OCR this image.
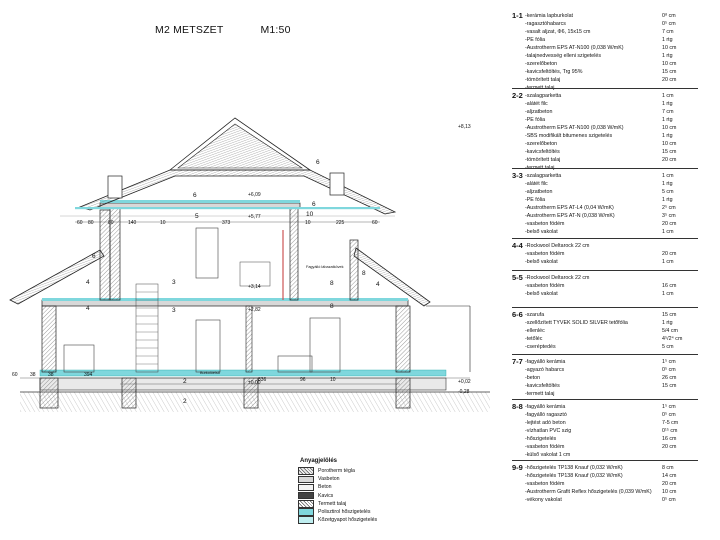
M2 METSZET	M1:50
+8,13
+6,09
+5,77
+3,14
+2,82
±0,00	+0,02
-0,28
60 80	80	140	10	373	10	225	60
60 38 38	394
836	10
96
2
2
3
3
4
4
4
5
6
6
6
6
8
8
8
10
Fagyálló lábazatkövek
Burkolóelső
Anyagjelölés
Porotherm tégla
Vasbeton
Beton
Kavics
Termett talaj
Polisztirol hőszigetelés
Kőzetgyapot hőszigetelés
1-1 -kerámia lapburkolat	0⁸ cm
-ragasztóhabarcs	0⁵ cm
-vasalt aljzat, Φ6, 15x15 cm	7 cm
-PE fólia	1 rtg
-Austrotherm EPS AT-N100 (0,038 W/mK)	10 cm
-talajnedvesség elleni szigetelés	1 rtg
-szerelőbeton	10 cm
-kavicsfeltöltés, Trg 95%	15 cm
-tömörített talaj	20 cm
-termett talaj
2-2 -szalagparketta	1 cm
-alátét filc	1 rtg
-aljzatbeton	7 cm
-PE fólia	1 rtg
-Austrotherm EPS AT-N100 (0,038 W/mK)	10 cm
-SBS modifikált bitumenes szigetelés	1 rtg
-szerelőbeton	10 cm
-kavicsfeltöltés	15 cm
-tömörített talaj	20 cm
-termett talaj
3-3 -szalagparketta	1 cm
-alátét filc	1 rtg
-aljzatbeton	5 cm
-PE fólia	1 rtg
-Austrotherm EPS AT-L4 (0,04 W/mK)	2⁵ cm
-Austrotherm EPS AT-N (0,038 W/mK)	3⁵ cm
-vasbeton födém	20 cm
-belső vakolat	1 cm
4-4 -Rockwool Deltarock 22 cm
-vasbeton födém	20 cm
-belső vakolat	1 cm
5-5 -Rockwool Deltarock 22 cm
-vasbeton födém	16 cm
-belső vakolat	1 cm
6-6 -szarufa	15 cm
-szellőzített TYVEK SOLID SILVER tetőfólia	1 rtg
-ellenléc	5/4 cm
-tetőléc	4⁵/2⁴ cm
-cseréptedés	5 cm
7-7 -fagyálló kerámia	1⁵ cm
-agyazó habarcs	0⁵ cm
-beton	26 cm
-kavicsfeltöltés	15 cm
-termett talaj
8-8 -fagyálló kerámia	1⁵ cm
-fagyálló ragasztó	0⁵ cm
-lejtést adó beton	7-5 cm
-vízhatlan PVC szig	0¹⁵ cm
-hőszigetelés	16 cm
-vasbeton födém	20 cm
-külső vakolat 1 cm
9-9 -hőszigetelés TP138 Knauf (0,032 W/mK)	8 cm
-hőszigetelés TP138 Knauf (0,032 W/mK)	14 cm
-vasbeton födém	20 cm
-Austrotherm Grafit Reflex hőszigetelés (0,039 W/mK)	10 cm
-vékony vakolat	0⁵ cm
